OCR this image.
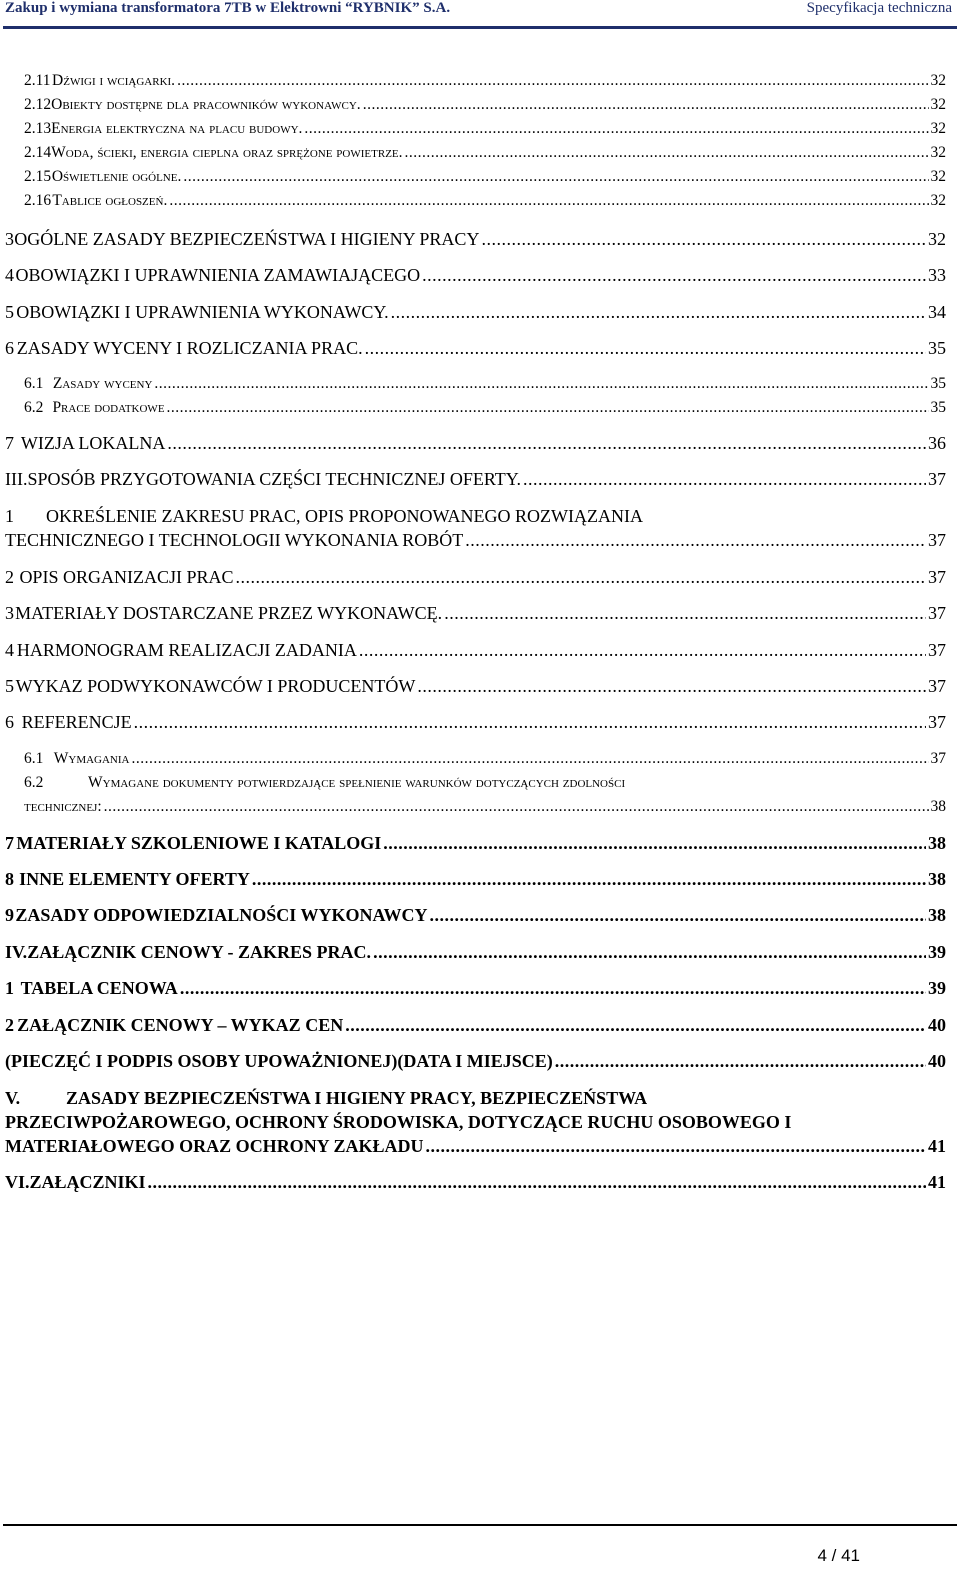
Zakup i wymiana transformatora 7TB w Elektrowni “RYBNIK” S.A.	Specyfikacja techniczna
2.11 Dźwigi i wciągarki. .....	32
2.12 Obiekty dostępne dla pracowników wykonawcy. .....	32
2.13 Energia elektryczna na placu budowy. .....	32
2.14 Woda, ścieki, energia cieplna oraz sprężone powietrze. .....	32
2.15 Oświetlenie ogólne. .....	32
2.16 Tablice ogłoszeń. .....	32
3 OGÓLNE ZASADY BEZPIECZEŃSTWA I HIGIENY PRACY .....	32
4 OBOWIĄZKI I UPRAWNIENIA ZAMAWIAJĄCEGO .....	33
5 OBOWIĄZKI I UPRAWNIENIA WYKONAWCY. .....	34
6 ZASADY WYCENY I ROZLICZANIA PRAC. .....	35
6.1 Zasady wyceny .....	35
6.2 Prace dodatkowe .....	35
7 WIZJA LOKALNA .....	36
III. SPOSÓB PRZYGOTOWANIA CZĘŚCI TECHNICZNEJ OFERTY. .....	37
1	OKREŚLENIE ZAKRESU PRAC, OPIS PROPONOWANEGO ROZWIĄZANIA
TECHNICZNEGO I TECHNOLOGII WYKONANIA ROBÓT .....	37
2 OPIS ORGANIZACJI PRAC .....	37
3 MATERIAŁY DOSTARCZANE PRZEZ WYKONAWCĘ. .....	37
4 HARMONOGRAM REALIZACJI ZADANIA .....	37
5 WYKAZ PODWYKONAWCÓW I PRODUCENTÓW .....	37
6 REFERENCJE .....	37
6.1 Wymagania .....	37
6.2	Wymagane dokumenty potwierdzające spełnienie warunków dotyczących zdolności
technicznej: .....	38
7 MATERIAŁY SZKOLENIOWE I KATALOGI .....	38
8 INNE ELEMENTY OFERTY .....	38
9 ZASADY ODPOWIEDZIALNOŚCI WYKONAWCY .....	38
IV. ZAŁĄCZNIK CENOWY - ZAKRES PRAC. .....	39
1 TABELA CENOWA .....	39
2 ZAŁĄCZNIK CENOWY – WYKAZ CEN .....	40
(PIECZĘĆ I PODPIS OSOBY UPOWAŻNIONEJ) (DATA I MIEJSCE) .....	40
V.	ZASADY BEZPIECZEŃSTWA I HIGIENY PRACY, BEZPIECZEŃSTWA
PRZECIWPOŻAROWEGO, OCHRONY ŚRODOWISKA, DOTYCZĄCE RUCHU OSOBOWEGO I
MATERIAŁOWEGO ORAZ OCHRONY ZAKŁADU .....	41
VI. ZAŁĄCZNIKI .....	41
4 / 41
